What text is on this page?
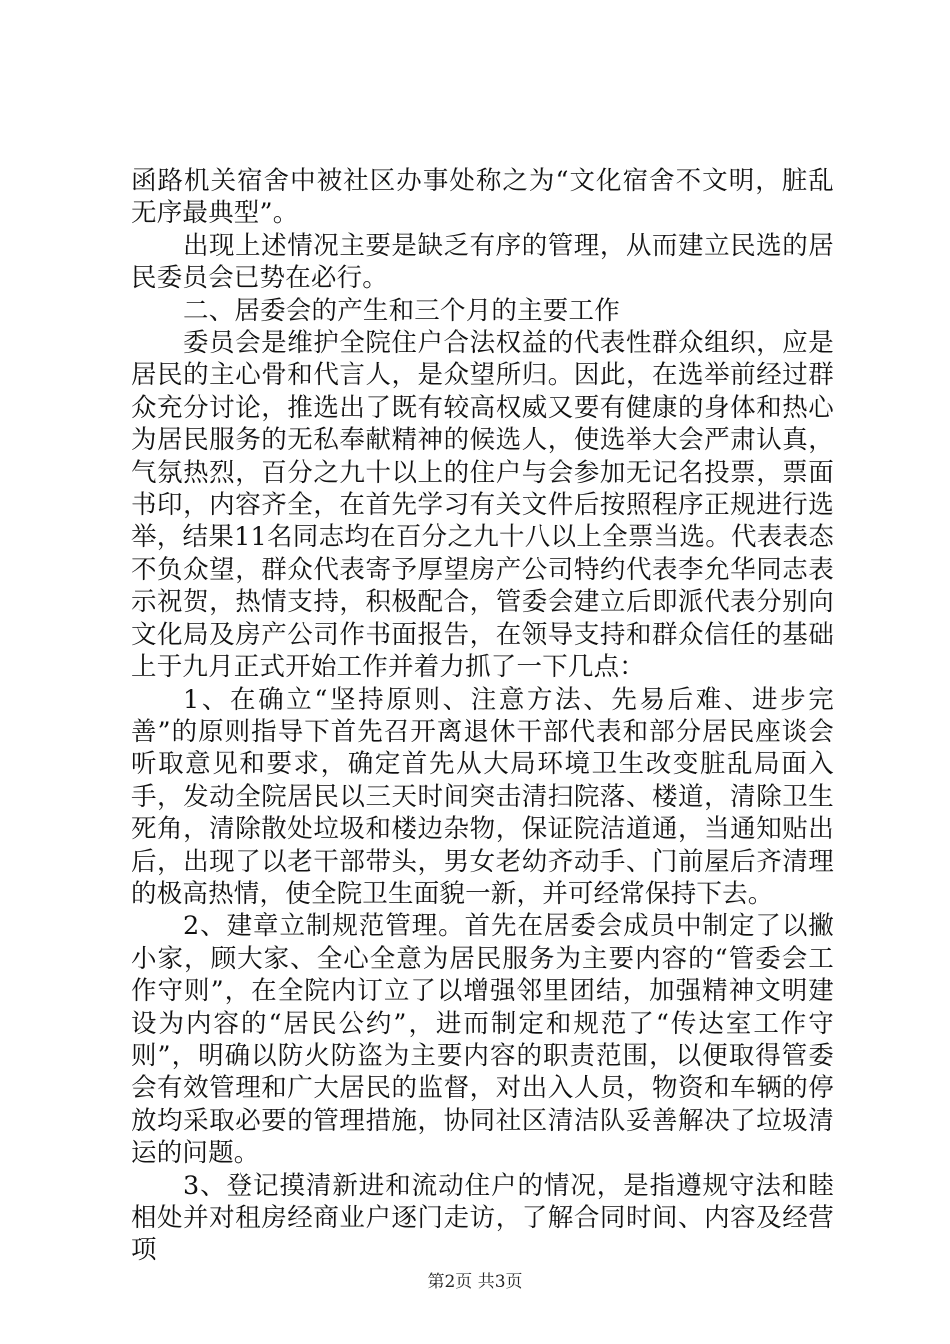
函路机关宿舍中被社区办事处称之为“文化宿舍不文明，脏乱无序最典型”。

出现上述情况主要是缺乏有序的管理，从而建立民选的居民委员会已势在必行。

二、居委会的产生和三个月的主要工作

委员会是维护全院住户合法权益的代表性群众组织，应是居民的主心骨和代言人，是众望所归。因此，在选举前经过群众充分讨论，推选出了既有较高权威又要有健康的身体和热心为居民服务的无私奉献精神的候选人，使选举大会严肃认真，气氛热烈，百分之九十以上的住户与会参加无记名投票，票面书印，内容齐全，在首先学习有关文件后按照程序正规进行选举，结果11名同志均在百分之九十八以上全票当选。代表表态不负众望，群众代表寄予厚望房产公司特约代表李允华同志表示祝贺，热情支持，积极配合，管委会建立后即派代表分别向文化局及房产公司作书面报告，在领导支持和群众信任的基础上于九月正式开始工作并着力抓了一下几点：

1、在确立“坚持原则、注意方法、先易后难、进步完善”的原则指导下首先召开离退休干部代表和部分居民座谈会听取意见和要求，确定首先从大局环境卫生改变脏乱局面入手，发动全院居民以三天时间突击清扫院落、楼道，清除卫生死角，清除散处垃圾和楼边杂物，保证院洁道通，当通知贴出后，出现了以老干部带头，男女老幼齐动手、门前屋后齐清理的极高热情，使全院卫生面貌一新，并可经常保持下去。

2、建章立制规范管理。首先在居委会成员中制定了以撇小家，顾大家、全心全意为居民服务为主要内容的“管委会工作守则”，在全院内订立了以增强邻里团结，加强精神文明建设为内容的“居民公约”，进而制定和规范了“传达室工作守则”，明确以防火防盗为主要内容的职责范围，以便取得管委会有效管理和广大居民的监督，对出入人员，物资和车辆的停放均采取必要的管理措施，协同社区清洁队妥善解决了垃圾清运的问题。

3、登记摸清新进和流动住户的情况，是指遵规守法和睦相处并对租房经商业户逐门走访，了解合同时间、内容及经营项

第2页 共3页
